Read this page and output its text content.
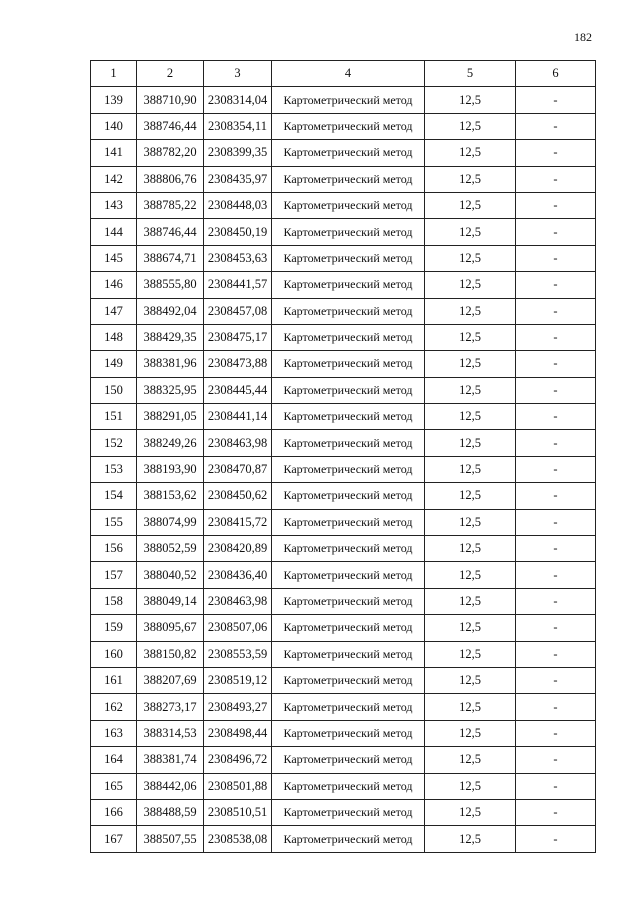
182
1	2	3	4	5	6
139	388710,90	2308314,04	Картометрический метод	12,5	-
140	388746,44	2308354,11	Картометрический метод	12,5	-
141	388782,20	2308399,35	Картометрический метод	12,5	-
142	388806,76	2308435,97	Картометрический метод	12,5	-
143	388785,22	2308448,03	Картометрический метод	12,5	-
144	388746,44	2308450,19	Картометрический метод	12,5	-
145	388674,71	2308453,63	Картометрический метод	12,5	-
146	388555,80	2308441,57	Картометрический метод	12,5	-
147	388492,04	2308457,08	Картометрический метод	12,5	-
148	388429,35	2308475,17	Картометрический метод	12,5	-
149	388381,96	2308473,88	Картометрический метод	12,5	-
150	388325,95	2308445,44	Картометрический метод	12,5	-
151	388291,05	2308441,14	Картометрический метод	12,5	-
152	388249,26	2308463,98	Картометрический метод	12,5	-
153	388193,90	2308470,87	Картометрический метод	12,5	-
154	388153,62	2308450,62	Картометрический метод	12,5	-
155	388074,99	2308415,72	Картометрический метод	12,5	-
156	388052,59	2308420,89	Картометрический метод	12,5	-
157	388040,52	2308436,40	Картометрический метод	12,5	-
158	388049,14	2308463,98	Картометрический метод	12,5	-
159	388095,67	2308507,06	Картометрический метод	12,5	-
160	388150,82	2308553,59	Картометрический метод	12,5	-
161	388207,69	2308519,12	Картометрический метод	12,5	-
162	388273,17	2308493,27	Картометрический метод	12,5	-
163	388314,53	2308498,44	Картометрический метод	12,5	-
164	388381,74	2308496,72	Картометрический метод	12,5	-
165	388442,06	2308501,88	Картометрический метод	12,5	-
166	388488,59	2308510,51	Картометрический метод	12,5	-
167	388507,55	2308538,08	Картометрический метод	12,5	-
